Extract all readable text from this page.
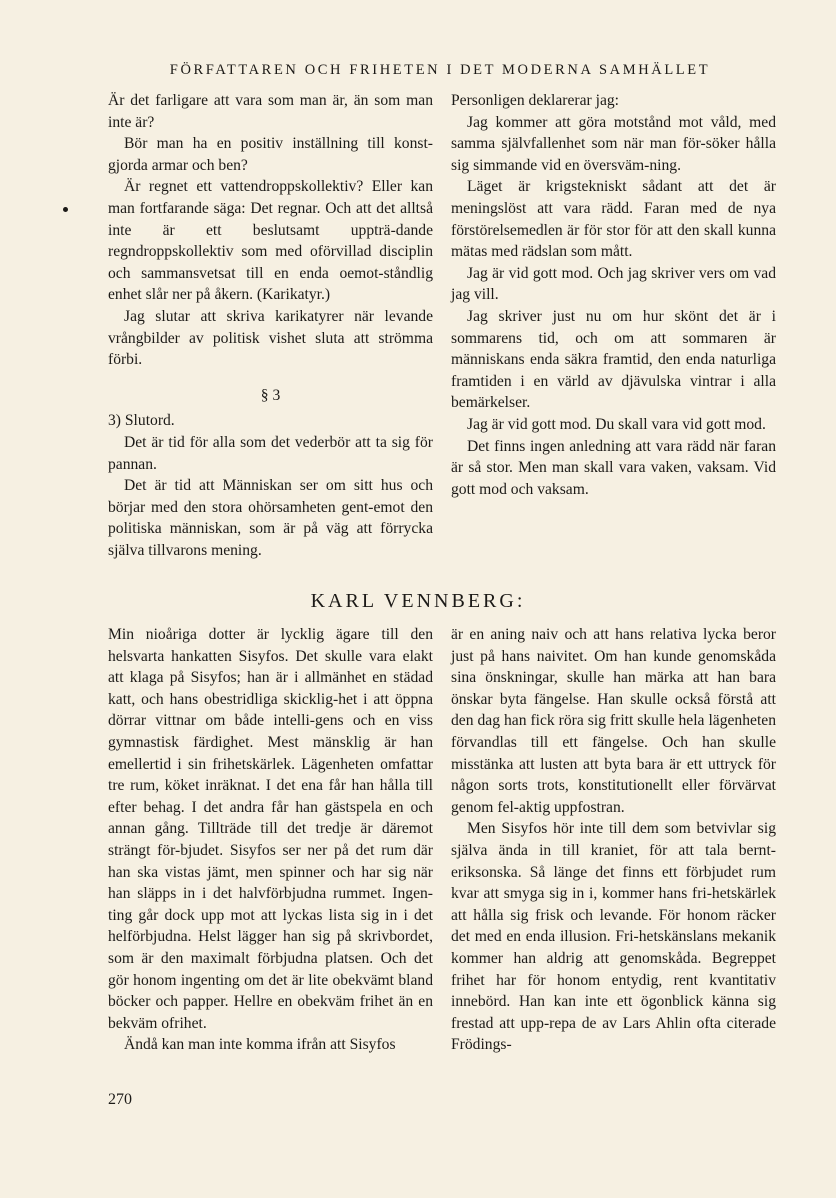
FÖRFATTAREN OCH FRIHETEN I DET MODERNA SAMHÄLLET

Är det farligare att vara som man är, än som man inte är?

Bör man ha en positiv inställning till konst-gjorda armar och ben?

Är regnet ett vattendroppskollektiv? Eller kan man fortfarande säga: Det regnar. Och att det alltså inte är ett beslutsamt uppträ-dande regndroppskollektiv som med oförvillad disciplin och sammansvetsat till en enda oemot-ståndlig enhet slår ner på åkern. (Karikatyr.)

Jag slutar att skriva karikatyrer när levande vrångbilder av politisk vishet sluta att strömma förbi.

§ 3

3) Slutord.

Det är tid för alla som det vederbör att ta sig för pannan.

Det är tid att Människan ser om sitt hus och börjar med den stora ohörsamheten gent-emot den politiska människan, som är på väg att förrycka själva tillvarons mening.

Personligen deklarerar jag:

Jag kommer att göra motstånd mot våld, med samma självfallenhet som när man för-söker hålla sig simmande vid en översväm-ning.

Läget är krigstekniskt sådant att det är meningslöst att vara rädd. Faran med de nya förstörelsemedlen är för stor för att den skall kunna mätas med rädslan som mått.

Jag är vid gott mod. Och jag skriver vers om vad jag vill.

Jag skriver just nu om hur skönt det är i sommarens tid, och om att sommaren är människans enda säkra framtid, den enda naturliga framtiden i en värld av djävulska vintrar i alla bemärkelser.

Jag är vid gott mod. Du skall vara vid gott mod.

Det finns ingen anledning att vara rädd när faran är så stor. Men man skall vara vaken, vaksam. Vid gott mod och vaksam.

KARL VENNBERG:

Min nioåriga dotter är lycklig ägare till den helsvarta hankatten Sisyfos. Det skulle vara elakt att klaga på Sisyfos; han är i allmänhet en städad katt, och hans obestridliga skicklig-het i att öppna dörrar vittnar om både intelli-gens och en viss gymnastisk färdighet. Mest mänsklig är han emellertid i sin frihetskärlek. Lägenheten omfattar tre rum, köket inräknat. I det ena får han hålla till efter behag. I det andra får han gästspela en och annan gång. Tillträde till det tredje är däremot strängt för-bjudet. Sisyfos ser ner på det rum där han ska vistas jämt, men spinner och har sig när han släpps in i det halvförbjudna rummet. Ingen-ting går dock upp mot att lyckas lista sig in i det helförbjudna. Helst lägger han sig på skrivbordet, som är den maximalt förbjudna platsen. Och det gör honom ingenting om det är lite obekvämt bland böcker och papper. Hellre en obekväm frihet än en bekväm ofrihet.

Ändå kan man inte komma ifrån att Sisyfos

är en aning naiv och att hans relativa lycka beror just på hans naivitet. Om han kunde genomskåda sina önskningar, skulle han märka att han bara önskar byta fängelse. Han skulle också förstå att den dag han fick röra sig fritt skulle hela lägenheten förvandlas till ett fängelse. Och han skulle misstänka att lusten att byta bara är ett uttryck för någon sorts trots, konstitutionellt eller förvärvat genom fel-aktig uppfostran.

Men Sisyfos hör inte till dem som betvivlar sig själva ända in till kraniet, för att tala bernt-eriksonska. Så länge det finns ett förbjudet rum kvar att smyga sig in i, kommer hans fri-hetskärlek att hålla sig frisk och levande. För honom räcker det med en enda illusion. Fri-hetskänslans mekanik kommer han aldrig att genomskåda. Begreppet frihet har för honom entydig, rent kvantitativ innebörd. Han kan inte ett ögonblick känna sig frestad att upp-repa de av Lars Ahlin ofta citerade Frödings-

270
